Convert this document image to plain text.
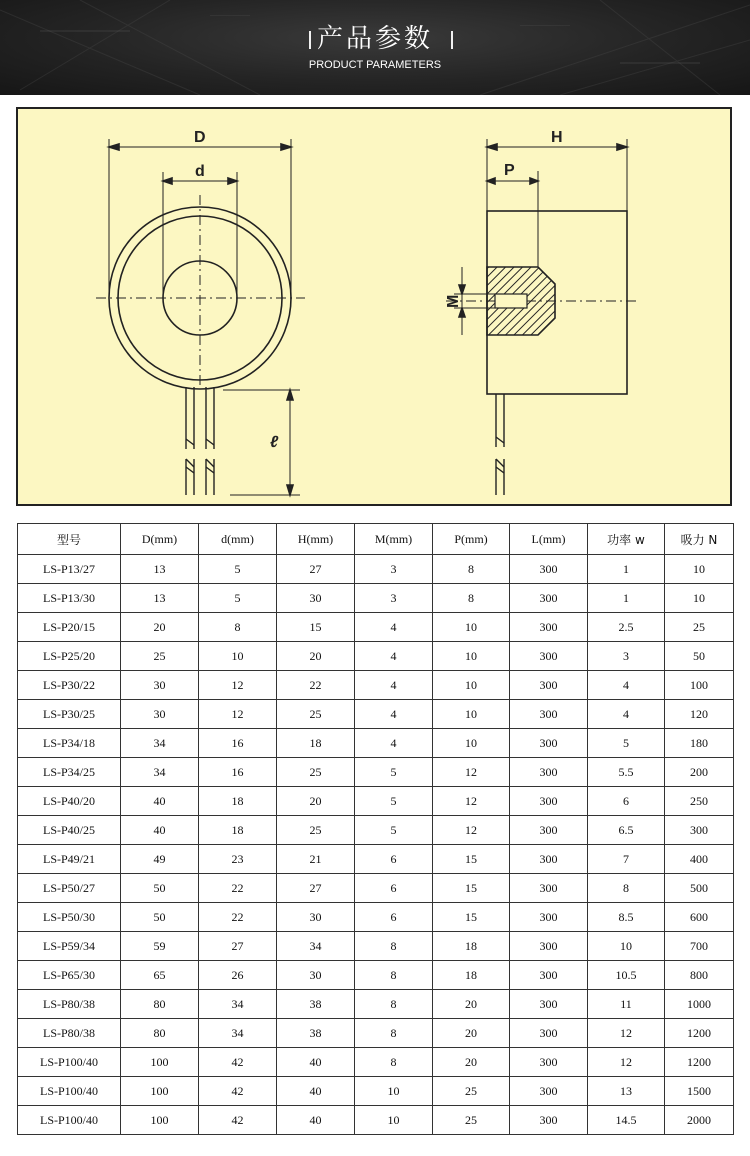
产品参数
PRODUCT PARAMETERS
D
d
ℓ
H
P
M
型号	D(mm)	d(mm)	H(mm)	M(mm)	P(mm)	L(mm)	功率 w	吸力 N
LS-P13/27	13	5	27	3	8	300	1	10
LS-P13/30	13	5	30	3	8	300	1	10
LS-P20/15	20	8	15	4	10	300	2.5	25
LS-P25/20	25	10	20	4	10	300	3	50
LS-P30/22	30	12	22	4	10	300	4	100
LS-P30/25	30	12	25	4	10	300	4	120
LS-P34/18	34	16	18	4	10	300	5	180
LS-P34/25	34	16	25	5	12	300	5.5	200
LS-P40/20	40	18	20	5	12	300	6	250
LS-P40/25	40	18	25	5	12	300	6.5	300
LS-P49/21	49	23	21	6	15	300	7	400
LS-P50/27	50	22	27	6	15	300	8	500
LS-P50/30	50	22	30	6	15	300	8.5	600
LS-P59/34	59	27	34	8	18	300	10	700
LS-P65/30	65	26	30	8	18	300	10.5	800
LS-P80/38	80	34	38	8	20	300	11	1000
LS-P80/38	80	34	38	8	20	300	12	1200
LS-P100/40	100	42	40	8	20	300	12	1200
LS-P100/40	100	42	40	10	25	300	13	1500
LS-P100/40	100	42	40	10	25	300	14.5	2000
